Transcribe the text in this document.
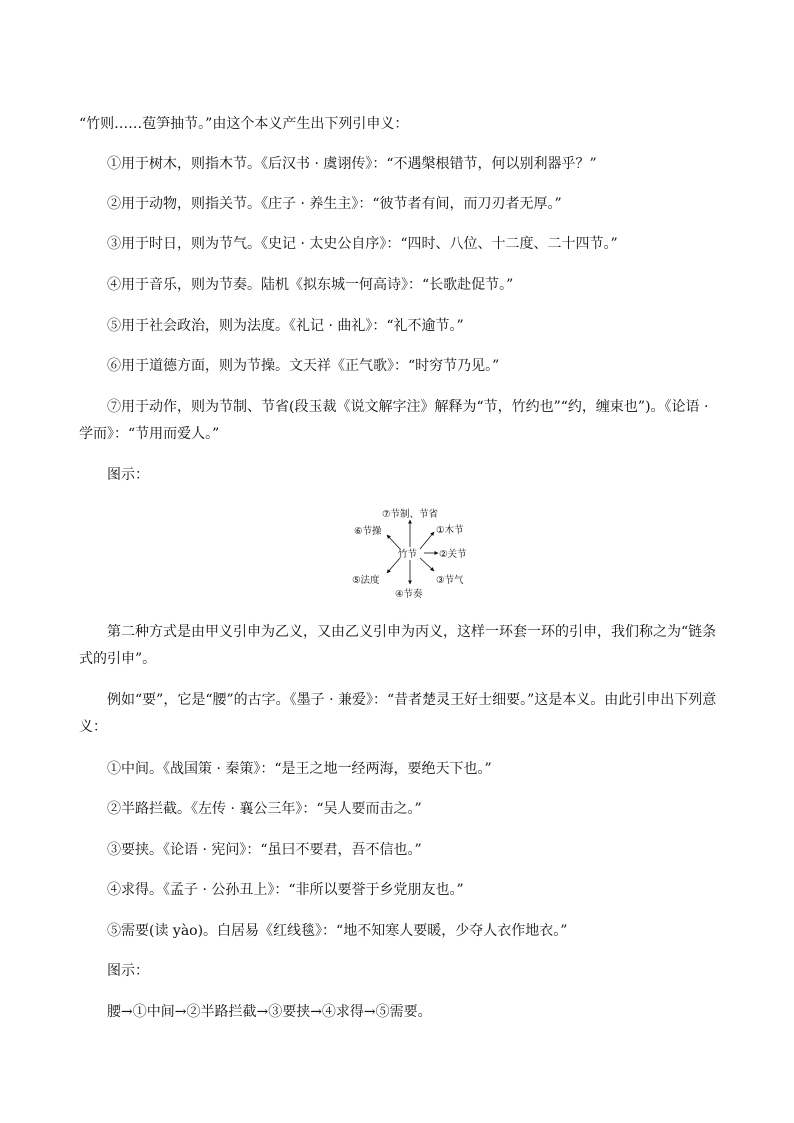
“竹则……苞笋抽节。”由这个本义产生出下列引申义：
①用于树木，则指木节。《后汉书 · 虞诩传》：“不遇槃根错节，何以别利器乎？”
②用于动物，则指关节。《庄子 · 养生主》：“彼节者有间，而刀刃者无厚。”
③用于时日，则为节气。《史记 · 太史公自序》：“四时、八位、十二度、二十四节。”
④用于音乐，则为节奏。陆机《拟东城一何高诗》：“长歌赴促节。”
⑤用于社会政治，则为法度。《礼记 · 曲礼》：“礼不逾节。”
⑥用于道德方面，则为节操。文天祥《正气歌》：“时穷节乃见。”
⑦用于动作，则为节制、节省(段玉裁《说文解字注》解释为“节，竹约也”“约，缠束也”)。《论语 · 学而》：“节用而爱人。”
图示：
竹节
⑦节制、节省
①木节
②关节
③节气
④节奏
⑤法度
⑥节操
第二种方式是由甲义引申为乙义，又由乙义引申为丙义，这样一环套一环的引申，我们称之为“链条式的引申”。
例如“要”，它是“腰”的古字。《墨子 · 兼爱》：“昔者楚灵王好士细要。”这是本义。由此引申出下列意义：
①中间。《战国策 · 秦策》：“是王之地一经两海，要绝天下也。”
②半路拦截。《左传 · 襄公三年》：“吴人要而击之。”
③要挟。《论语 · 宪问》：“虽曰不要君，吾不信也。”
④求得。《孟子 · 公孙丑上》：“非所以要誉于乡党朋友也。”
⑤需要(读 yào)。白居易《红线毯》：“地不知寒人要暖，少夺人衣作地衣。”
图示：
腰→①中间→②半路拦截→③要挟→④求得→⑤需要。
